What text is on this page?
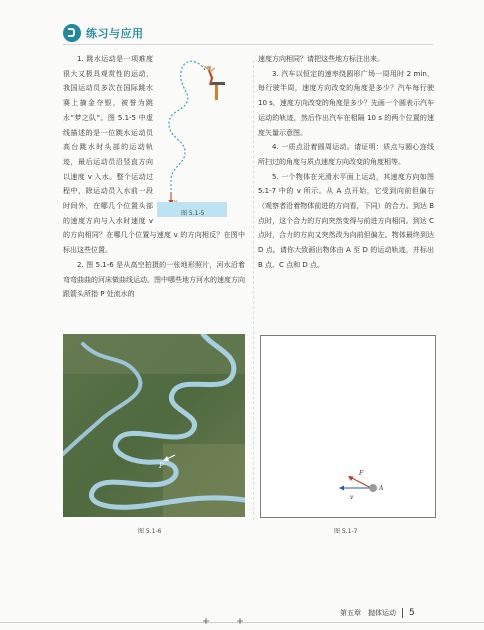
练习与应用
图 5.1-5

1. 跳水运动是一项难度很大又极具观赏性的运动，我国运动员多次在国际跳水赛上摘金夺银，被誉为跳水“梦之队”。图 5.1-5 中虚线描述的是一位跳水运动员高台跳水时头部的运动轨迹，最后运动员沿竖直方向以速度 v 入水。整个运动过程中，除运动员入水前一段时间外，在哪几个位置头部的速度方向与入水时速度 v 的方向相同？在哪几个位置与速度 v 的方向相反？在图中标出这些位置。

2. 图 5.1-6 是从高空拍摄的一张地形照片，河水沿着弯弯曲曲的河床做曲线运动。图中哪些地方河水的速度方向跟箭头所指 P 处流水的

速度方向相同？请把这些地方标注出来。

3. 汽车以恒定的速率绕圆形广场一周用时 2 min，每行驶半周，速度方向改变的角度是多少？汽车每行驶 10 s，速度方向改变的角度是多少？先画一个圆表示汽车运动的轨迹，然后作出汽车在相隔 10 s 的两个位置的速度矢量示意图。

4. 一质点沿着圆周运动。请证明：质点与圆心连线所扫过的角度与质点速度方向改变的角度相等。

5. 一个物体在光滑水平面上运动，其速度方向如图 5.1-7 中的 v 所示。从 A 点开始，它受到向前但偏右（观察者沿着物体前进的方向看，下同）的合力。到达 B 点时，这个合力的方向突然变得与前进方向相同。到达 C 点时，合力的方向又突然改为向前但偏左。物体最终到达 D 点。请你大致画出物体由 A 至 D 的运动轨迹，并标出 B 点、C 点和 D 点。

P
图 5.1-6
v
F
A
图 5.1-7
第五章　抛体运动 5
